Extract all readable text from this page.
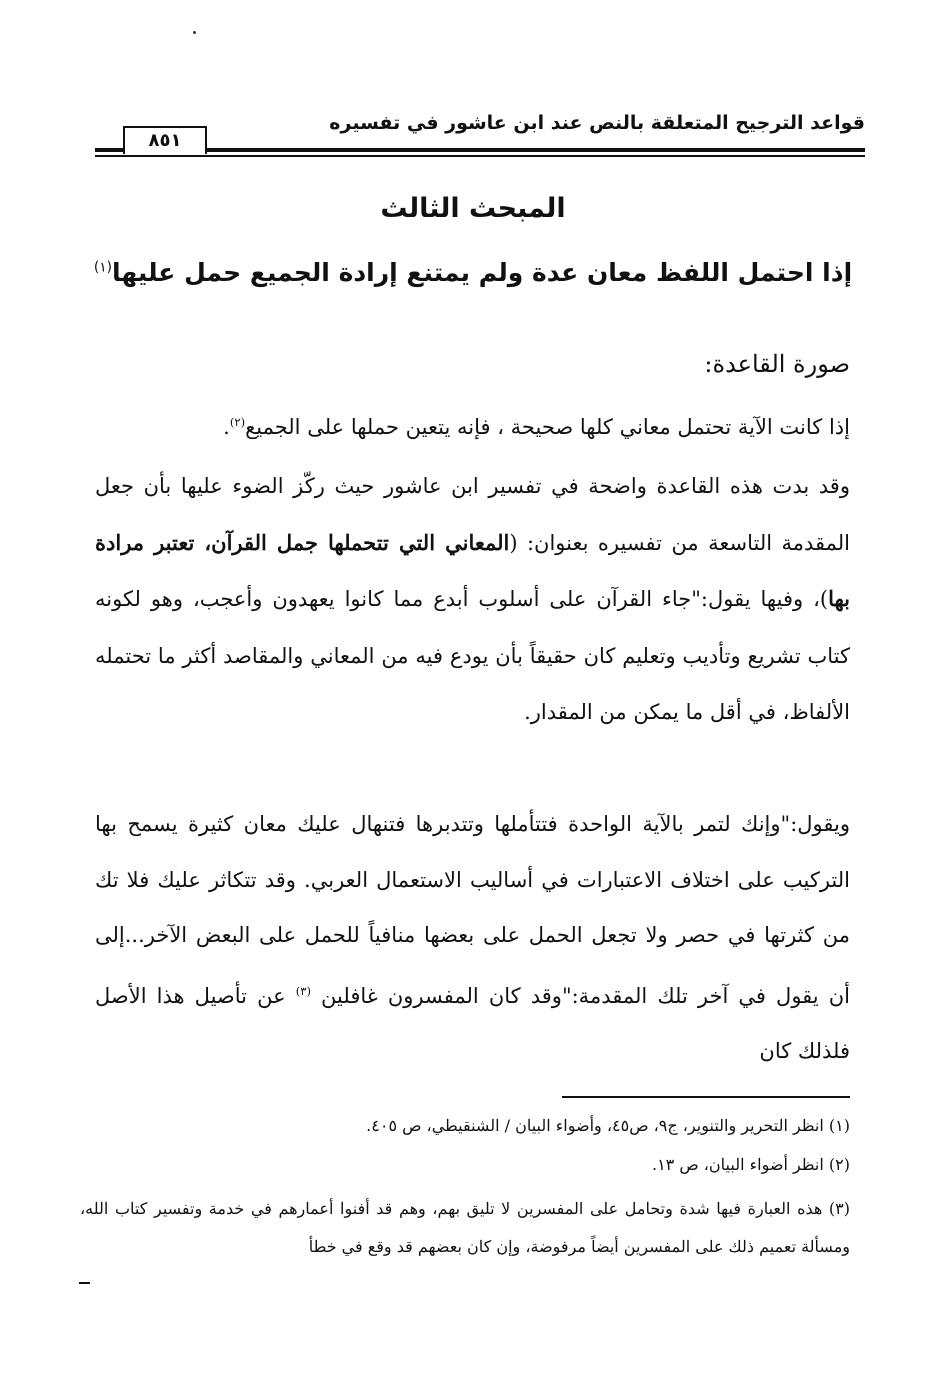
قواعد الترجيح المتعلقة بالنص عند ابن عاشور في تفسيره
٨٥١
المبحث الثالث
إذا احتمل اللفظ معان عدة ولم يمتنع إرادة الجميع حمل عليها$^{(١)}$
صورة القاعدة:
إذا كانت الآية تحتمل معاني كلها صحيحة ، فإنه يتعين حملها على الجميع$^{(٢)}$.
وقد بدت هذه القاعدة واضحة في تفسير ابن عاشور حيث ركّز الضوء عليها بأن جعل المقدمة التاسعة من تفسيره بعنوان: (المعاني التي تتحملها جمل القرآن، تعتبر مرادة بها)، وفيها يقول:"جاء القرآن على أسلوب أبدع مما كانوا يعهدون وأعجب، وهو لكونه كتاب تشريع وتأديب وتعليم كان حقيقاً بأن يودع فيه من المعاني والمقاصد أكثر ما تحتمله الألفاظ، في أقل ما يمكن من المقدار.
ويقول:"وإنك لتمر بالآية الواحدة فتتأملها وتتدبرها فتنهال عليك معان كثيرة يسمح بها التركيب على اختلاف الاعتبارات في أساليب الاستعمال العربي. وقد تتكاثر عليك فلا تك من كثرتها في حصر ولا تجعل الحمل على بعضها منافياً للحمل على البعض الآخر...إلى أن يقول في آخر تلك المقدمة:"وقد كان المفسرون غافلين $^{(٣)}$ عن تأصيل هذا الأصل فلذلك كان
(١) انظر التحرير والتنوير، ج٩، ص٤٥، وأضواء البيان / الشنقيطي، ص ٤٠٥.
(٢) انظر أضواء البيان، ص ١٣.
(٣) هذه العبارة فيها شدة وتحامل على المفسرين لا تليق بهم، وهم قد أفنوا أعمارهم في خدمة وتفسير كتاب الله، ومسألة تعميم ذلك على المفسرين أيضاً مرفوضة، وإن كان بعضهم قد وقع في خطأ
